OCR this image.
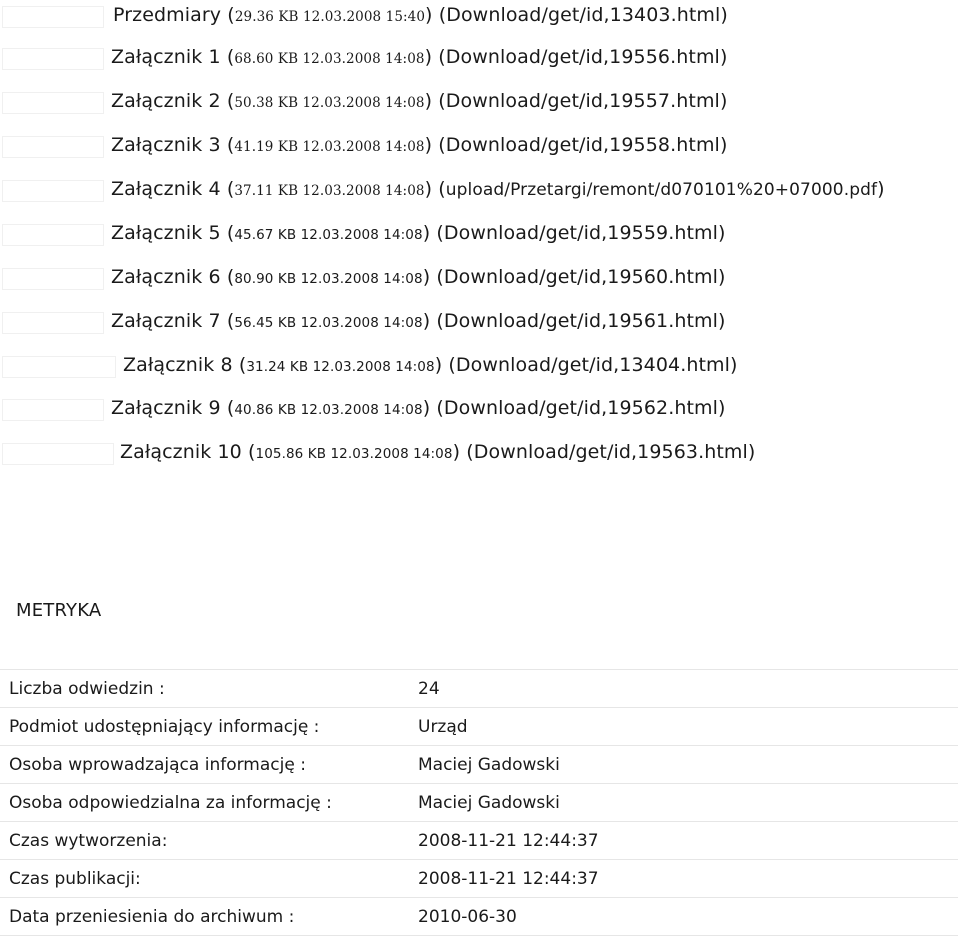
Przedmiary (29.36 KB 12.03.2008 15:40) (Download/get/id,13403.html)
Załącznik 1 (68.60 KB 12.03.2008 14:08) (Download/get/id,19556.html)
Załącznik 2 (50.38 KB 12.03.2008 14:08) (Download/get/id,19557.html)
Załącznik 3 (41.19 KB 12.03.2008 14:08) (Download/get/id,19558.html)
Załącznik 4 (37.11 KB 12.03.2008 14:08) (upload/Przetargi/remont/d070101%20+07000.pdf)
Załącznik 5 (45.67 KB 12.03.2008 14:08) (Download/get/id,19559.html)
Załącznik 6 (80.90 KB 12.03.2008 14:08) (Download/get/id,19560.html)
Załącznik 7 (56.45 KB 12.03.2008 14:08) (Download/get/id,19561.html)
Załącznik 8 (31.24 KB 12.03.2008 14:08) (Download/get/id,13404.html)
Załącznik 9 (40.86 KB 12.03.2008 14:08) (Download/get/id,19562.html)
Załącznik 10 (105.86 KB 12.03.2008 14:08) (Download/get/id,19563.html)
METRYKA
Liczba odwiedzin :	24
Podmiot udostępniający informację :	Urząd
Osoba wprowadzająca informację :	Maciej Gadowski
Osoba odpowiedzialna za informację :	Maciej Gadowski
Czas wytworzenia:	2008-11-21 12:44:37
Czas publikacji:	2008-11-21 12:44:37
Data przeniesienia do archiwum :	2010-06-30
